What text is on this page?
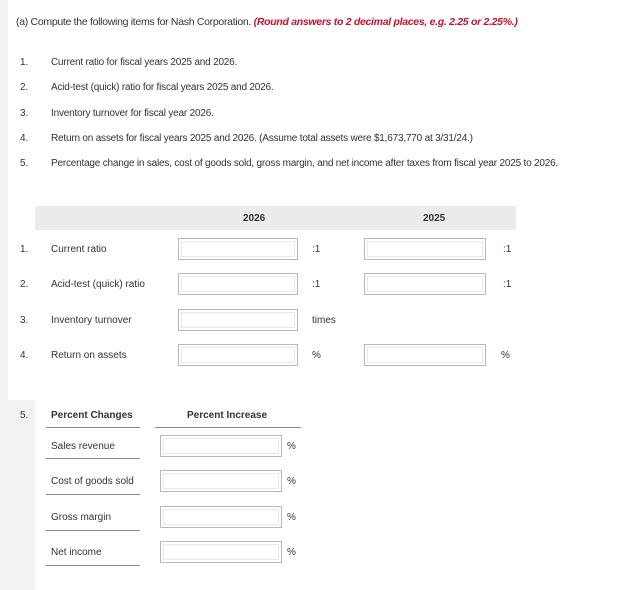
(a) Compute the following items for Nash Corporation. (Round answers to 2 decimal places, e.g. 2.25 or 2.25%.)
1. Current ratio for fiscal years 2025 and 2026.
2. Acid-test (quick) ratio for fiscal years 2025 and 2026.
3. Inventory turnover for fiscal year 2026.
4. Return on assets for fiscal years 2025 and 2026. (Assume total assets were $1,673,770 at 3/31/24.)
5. Percentage change in sales, cost of goods sold, gross margin, and net income after taxes from fiscal year 2025 to 2026.
2026	2025
1. Current ratio	:1	:1
2. Acid-test (quick) ratio	:1	:1
3. Inventory turnover	times
4. Return on assets	%	%
5. Percent Changes	Percent Increase
Sales revenue	%
Cost of goods sold	%
Gross margin	%
Net income	%
